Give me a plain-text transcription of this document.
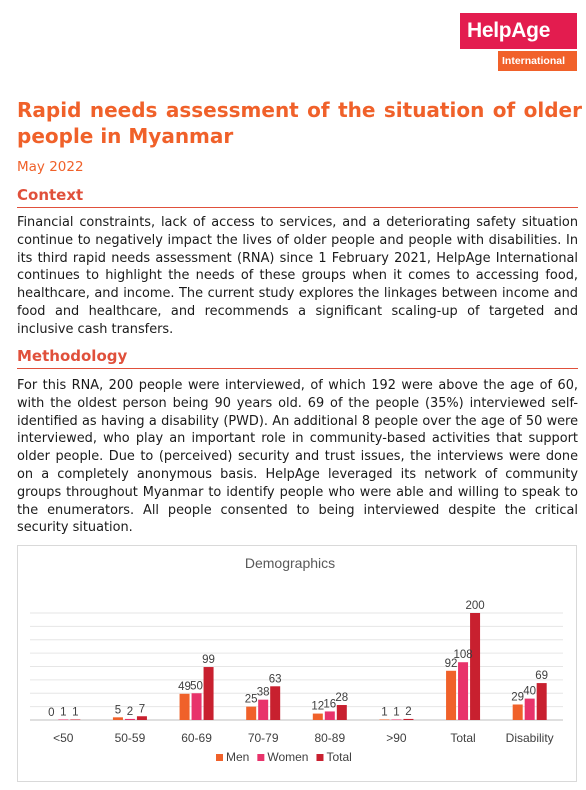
HelpAge
International
Rapid needs assessment of the situation of older people in Myanmar
May 2022
Context
Financial constraints, lack of access to services, and a deteriorating safety situation continue to negatively impact the lives of older people and people with disabilities. In its third rapid needs assessment (RNA) since 1 February 2021, HelpAge International continues to highlight the needs of these groups when it comes to accessing food, healthcare, and income. The current study explores the linkages between income and food and healthcare, and recommends a significant scaling-up of targeted and inclusive cash transfers.
Methodology
For this RNA, 200 people were interviewed, of which 192 were above the age of 60, with the oldest person being 90 years old. 69 of the people (35%) interviewed self-identified as having a disability (PWD). An additional 8 people over the age of 50 were interviewed, who play an important role in community-based activities that support older people. Due to (perceived) security and trust issues, the interviews were done on a completely anonymous basis. HelpAge leveraged its network of community groups throughout Myanmar to identify people who were able and willing to speak to the enumerators. All people consented to being interviewed despite the critical security situation.
Demographics
0 1 1	5 2 7
49 50
99
25
38
63
12 16
28
1 1 2
92
108
200
29 40
69
<50	50-59	60-69	70-79	80-89	>90	Total Disability
Men Women Total
